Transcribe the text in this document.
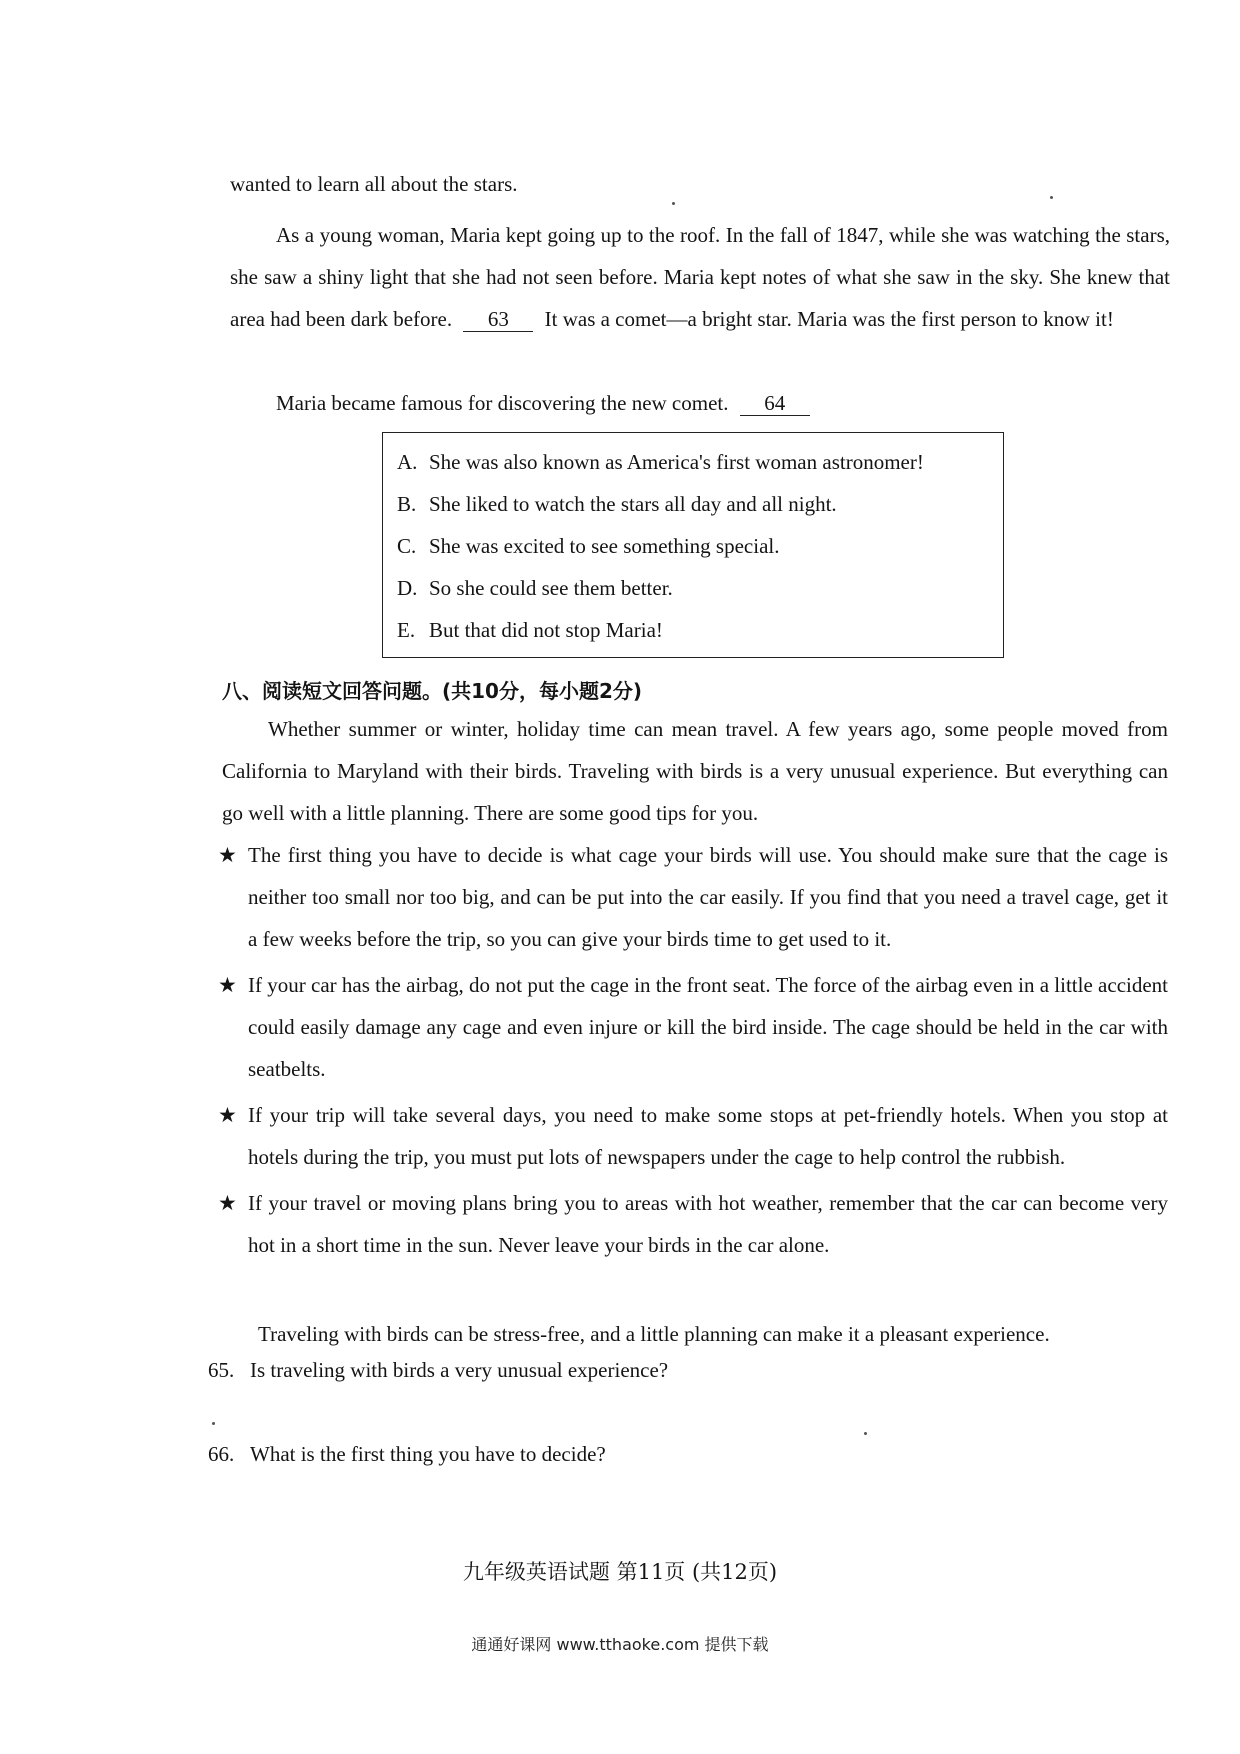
wanted to learn all about the stars.
As a young woman, Maria kept going up to the roof. In the fall of 1847, while she was watching the stars, she saw a shiny light that she had not seen before. Maria kept notes of what she saw in the sky. She knew that area had been dark before. 63 It was a comet—a bright star. Maria was the first person to know it!
Maria became famous for discovering the new comet. 64
A. She was also known as America's first woman astronomer!
B. She liked to watch the stars all day and all night.
C. She was excited to see something special.
D. So she could see them better.
E. But that did not stop Maria!
八、阅读短文回答问题。(共10分，每小题2分)
Whether summer or winter, holiday time can mean travel. A few years ago, some people moved from California to Maryland with their birds. Traveling with birds is a very unusual experience. But everything can go well with a little planning. There are some good tips for you.
★ The first thing you have to decide is what cage your birds will use. You should make sure that the cage is neither too small nor too big, and can be put into the car easily. If you find that you need a travel cage, get it a few weeks before the trip, so you can give your birds time to get used to it.
★ If your car has the airbag, do not put the cage in the front seat. The force of the airbag even in a little accident could easily damage any cage and even injure or kill the bird inside. The cage should be held in the car with seatbelts.
★ If your trip will take several days, you need to make some stops at pet-friendly hotels. When you stop at hotels during the trip, you must put lots of newspapers under the cage to help control the rubbish.
★ If your travel or moving plans bring you to areas with hot weather, remember that the car can become very hot in a short time in the sun. Never leave your birds in the car alone.
Traveling with birds can be stress-free, and a little planning can make it a pleasant experience.
65. Is traveling with birds a very unusual experience?
66. What is the first thing you have to decide?
九年级英语试题 第11页 (共12页)
通通好课网 www.tthaoke.com 提供下载
